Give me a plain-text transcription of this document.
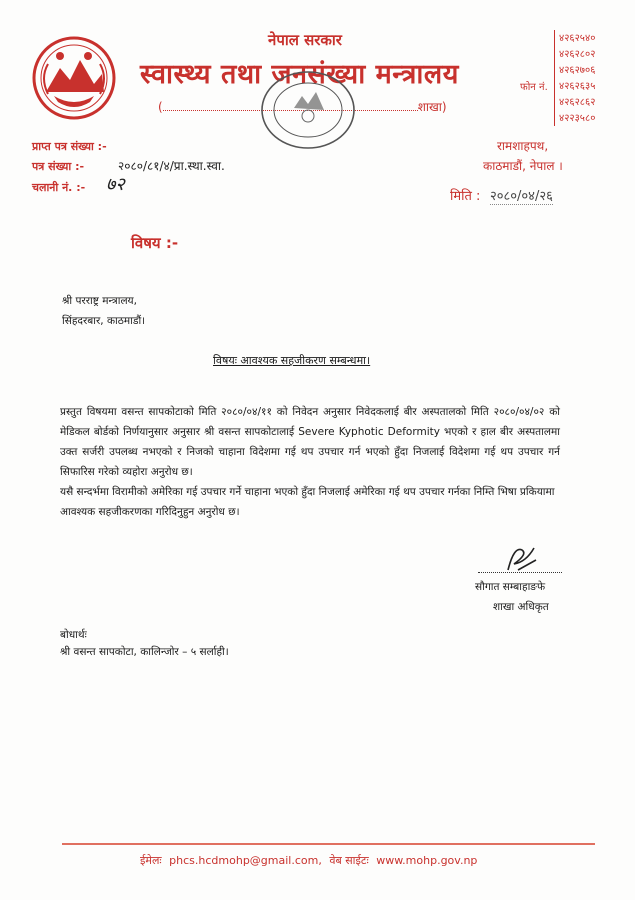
नेपाल सरकार
स्वास्थ्य तथा जनसंख्या मन्त्रालय
(	शाखा)
फोन नं.
४२६२५४०
४२६२८०२
४२६२७०६
४२६२६३५
४२६२८६२
४२२३५८०
प्राप्त पत्र संख्या :-
पत्र संख्या :-	२०८०/८१/४/प्रा.स्था.स्वा.
चलानी नं. :- ७२
रामशाहपथ,
काठमाडौं, नेपाल ।
मिति : २०८०/०४/२६
विषय :-
श्री परराष्ट्र मन्त्रालय,
सिंहदरबार, काठमाडौं।
विषयः आवश्यक सहजीकरण सम्बन्धमा।
प्रस्तुत विषयमा वसन्त सापकोटाको मिति २०८०/०४/११ को निवेदन अनुसार निवेदकलाई बीर अस्पतालको मिति २०८०/०४/०२ को मेडिकल बोर्डको निर्णयानुसार अनुसार श्री वसन्त सापकोटालाई Severe Kyphotic Deformity भएको र हाल बीर अस्पतालमा उक्त सर्जरी उपलब्ध नभएको र निजको चाहाना विदेशमा गई थप उपचार गर्न भएको हुँदा निजलाई विदेशमा गई थप उपचार गर्न सिफारिस गरेको व्यहोरा अनुरोध छ।
यसै सन्दर्भमा विरामीको अमेरिका गई उपचार गर्ने चाहाना भएको हुँदा निजलाई अमेरिका गई थप उपचार गर्नका निम्ति भिषा प्रकियामा आवश्यक सहजीकरणका गरिदिनुहुन अनुरोध छ।
सौगात सम्बाहाङफे
शाखा अधिकृत
बोधार्थः
श्री वसन्त सापकोटा, कालिन्जोर – ५ सर्लाही।
ईमेलः phcs.hcdmohp@gmail.com, वेब साईटः www.mohp.gov.np
